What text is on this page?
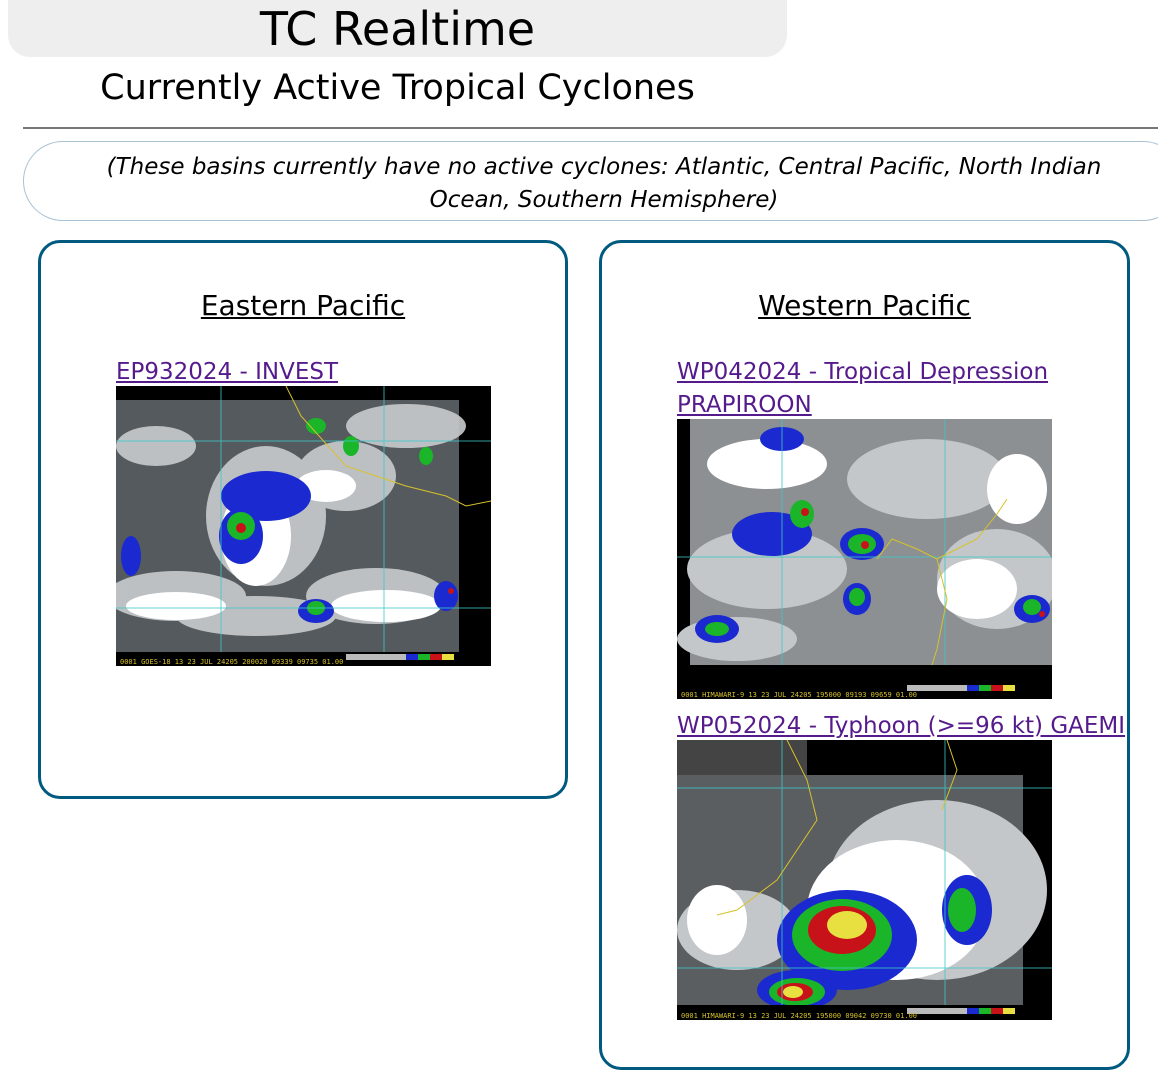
TC Realtime
Currently Active Tropical Cyclones
(These basins currently have no active cyclones: Atlantic, Central Pacific, North Indian Ocean, Southern Hemisphere)
Eastern Pacific
EP932024 - INVEST
0001 GOES-18 13 23 JUL 24205 200020 09339 09735 01.00
Western Pacific
WP042024 - Tropical Depression PRAPIROON
0001 HIMAWARI-9 13 23 JUL 24205 195000 09193 09659 01.00
WP052024 - Typhoon (>=96 kt) GAEMI
0001 HIMAWARI-9 13 23 JUL 24205 195000 09042 09730 01.00
